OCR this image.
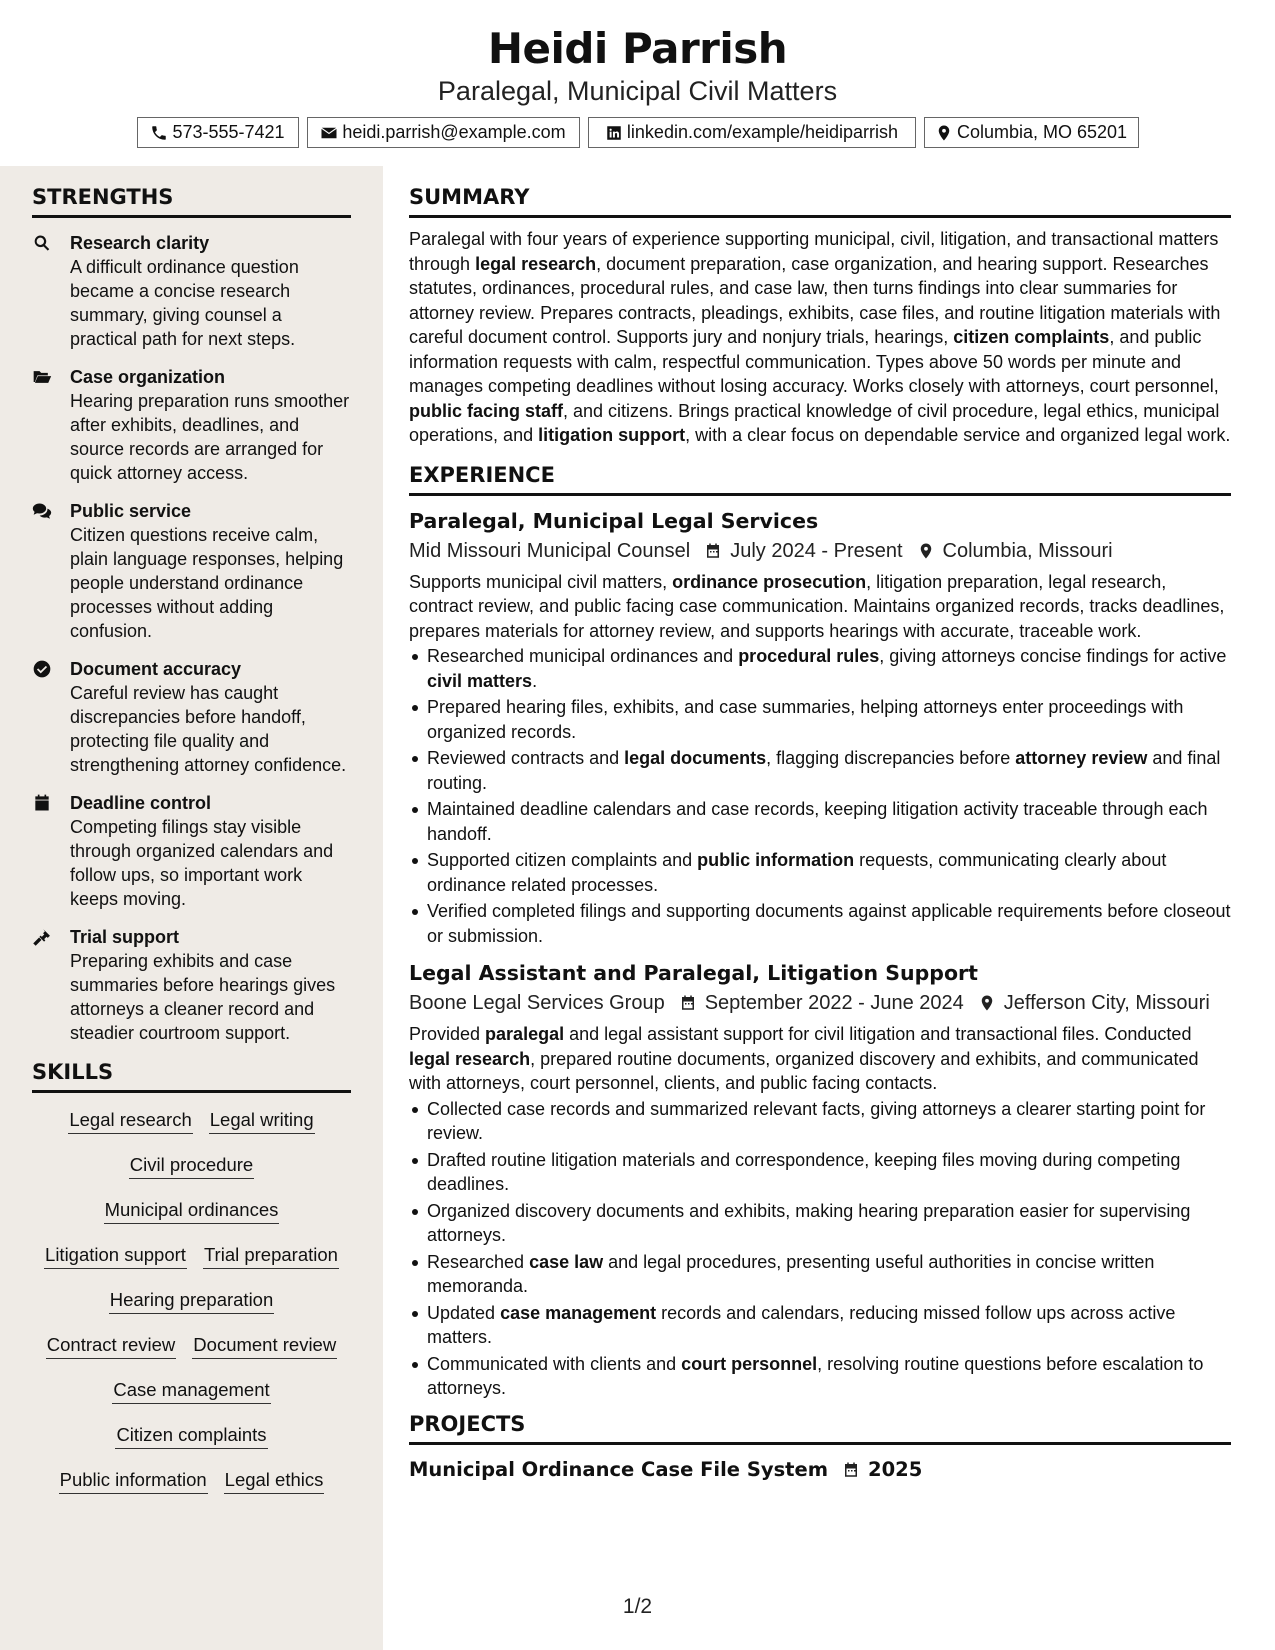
Heidi Parrish
Paralegal, Municipal Civil Matters
573-555-7421	heidi.parrish@example.com	linkedin.com/example/heidiparrish	Columbia, MO 65201
STRENGTHS
Research clarity
A difficult ordinance question became a concise research summary, giving counsel a practical path for next steps.
Case organization
Hearing preparation runs smoother after exhibits, deadlines, and source records are arranged for quick attorney access.
Public service
Citizen questions receive calm, plain language responses, helping people understand ordinance processes without adding confusion.
Document accuracy
Careful review has caught discrepancies before handoff, protecting file quality and strengthening attorney confidence.
Deadline control
Competing filings stay visible through organized calendars and follow ups, so important work keeps moving.
Trial support
Preparing exhibits and case summaries before hearings gives attorneys a cleaner record and steadier courtroom support.
SKILLS
Legal research Legal writing
Civil procedure
Municipal ordinances
Litigation support Trial preparation
Hearing preparation
Contract review Document review
Case management
Citizen complaints
Public information Legal ethics
SUMMARY
Paralegal with four years of experience supporting municipal, civil, litigation, and transactional matters through legal research, document preparation, case organization, and hearing support. Researches statutes, ordinances, procedural rules, and case law, then turns findings into clear summaries for attorney review. Prepares contracts, pleadings, exhibits, case files, and routine litigation materials with careful document control. Supports jury and nonjury trials, hearings, citizen complaints, and public information requests with calm, respectful communication. Types above 50 words per minute and manages competing deadlines without losing accuracy. Works closely with attorneys, court personnel, public facing staff, and citizens. Brings practical knowledge of civil procedure, legal ethics, municipal operations, and litigation support, with a clear focus on dependable service and organized legal work.
EXPERIENCE
Paralegal, Municipal Legal Services
Mid Missouri Municipal Counsel July 2024 - Present Columbia, Missouri
Supports municipal civil matters, ordinance prosecution, litigation preparation, legal research, contract review, and public facing case communication. Maintains organized records, tracks deadlines, prepares materials for attorney review, and supports hearings with accurate, traceable work.
Researched municipal ordinances and procedural rules, giving attorneys concise findings for active civil matters.
Prepared hearing files, exhibits, and case summaries, helping attorneys enter proceedings with organized records.
Reviewed contracts and legal documents, flagging discrepancies before attorney review and final routing.
Maintained deadline calendars and case records, keeping litigation activity traceable through each handoff.
Supported citizen complaints and public information requests, communicating clearly about ordinance related processes.
Verified completed filings and supporting documents against applicable requirements before closeout or submission.
Legal Assistant and Paralegal, Litigation Support
Boone Legal Services Group September 2022 - June 2024 Jefferson City, Missouri
Provided paralegal and legal assistant support for civil litigation and transactional files. Conducted legal research, prepared routine documents, organized discovery and exhibits, and communicated with attorneys, court personnel, clients, and public facing contacts.
Collected case records and summarized relevant facts, giving attorneys a clearer starting point for review.
Drafted routine litigation materials and correspondence, keeping files moving during competing deadlines.
Organized discovery documents and exhibits, making hearing preparation easier for supervising attorneys.
Researched case law and legal procedures, presenting useful authorities in concise written memoranda.
Updated case management records and calendars, reducing missed follow ups across active matters.
Communicated with clients and court personnel, resolving routine questions before escalation to attorneys.
PROJECTS
Municipal Ordinance Case File System 2025
1/2
